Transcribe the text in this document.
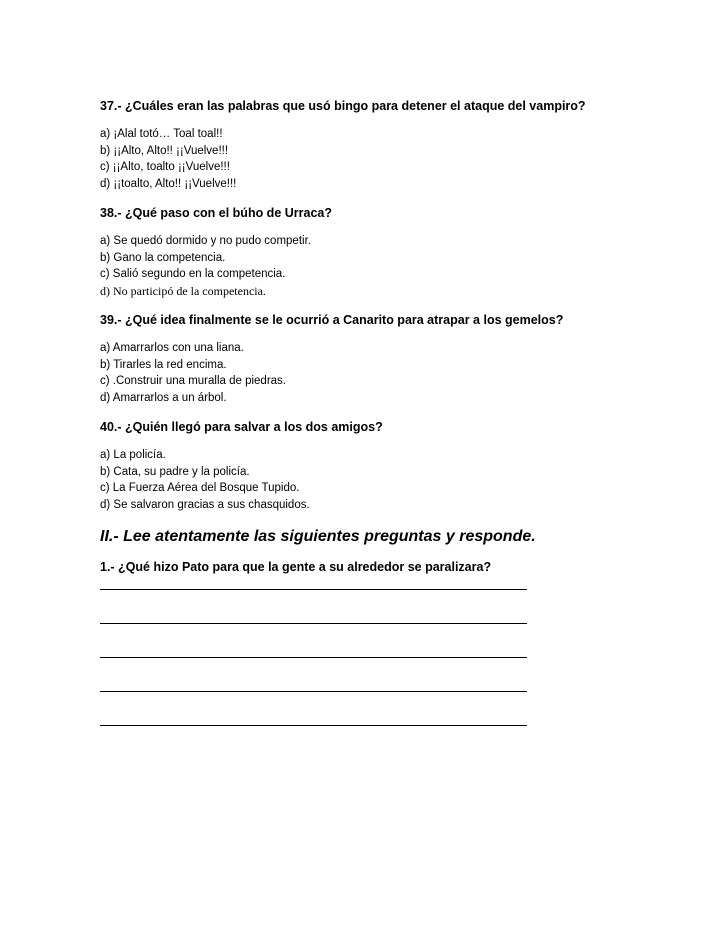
37.- ¿Cuáles eran las palabras que usó bingo para detener el ataque del vampiro?
a) ¡Alal totó… Toal toal!!
b) ¡¡Alto, Alto!! ¡¡Vuelve!!!
c) ¡¡Alto, toalto ¡¡Vuelve!!!
d) ¡¡toalto, Alto!! ¡¡Vuelve!!!
38.- ¿Qué paso con el búho de Urraca?
a) Se quedó dormido y no pudo competir.
b) Gano la competencia.
c) Salió segundo en la competencia.
d) No participó de la competencia.
39.- ¿Qué idea finalmente se le ocurrió a Canarito para atrapar a los gemelos?
a) Amarrarlos con una liana.
b) Tirarles la red encima.
c) .Construir una muralla de piedras.
d) Amarrarlos a un árbol.
40.- ¿Quién llegó para salvar a los dos amigos?
a) La policía.
b) Cata, su padre y la policía.
c) La Fuerza Aérea del Bosque Tupido.
d) Se salvaron gracias a sus chasquidos.
II.- Lee atentamente las siguientes preguntas y responde.
1.- ¿Qué hizo Pato para que la gente a su alrededor se paralizara?
